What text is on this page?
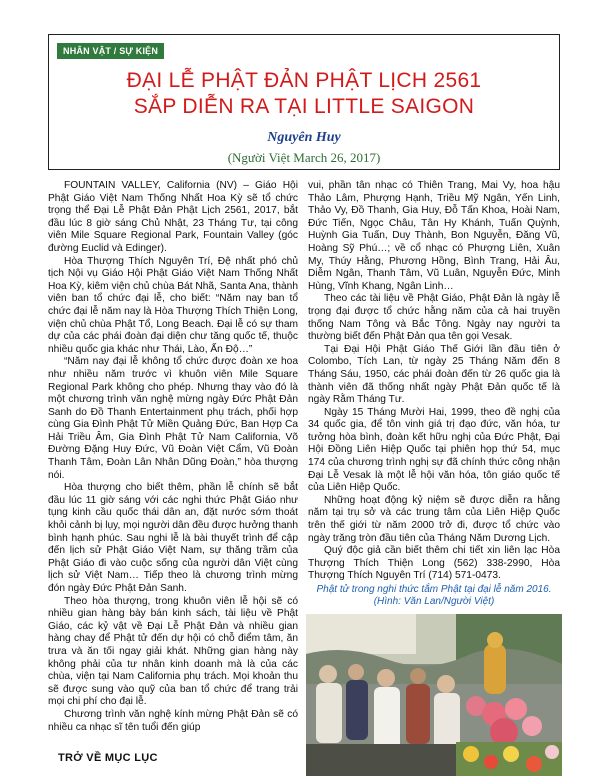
NHÂN VẬT / SỰ KIỆN
ĐẠI LỄ PHẬT ĐẢN PHẬT LỊCH 2561
SẮP DIỄN RA TẠI LITTLE SAIGON
Nguyên Huy
(Người Việt March 26, 2017)

FOUNTAIN VALLEY, California (NV) – Giáo Hội Phật Giáo Việt Nam Thống Nhất Hoa Kỳ sẽ tổ chức trọng thể Đại Lễ Phật Đản Phật Lịch 2561, 2017, bắt đầu lúc 8 giờ sáng Chủ Nhật, 23 Tháng Tư, tại công viên Mile Square Regional Park, Fountain Valley (góc đường Euclid và Edinger).

Hòa Thượng Thích Nguyên Trí, Đệ nhất phó chủ tịch Nội vụ Giáo Hội Phật Giáo Việt Nam Thống Nhất Hoa Kỳ, kiêm viện chủ chùa Bát Nhã, Santa Ana, thành viên ban tổ chức đại lễ, cho biết: “Năm nay ban tổ chức đại lễ năm nay là Hòa Thượng Thích Thiện Long, viện chủ chùa Phật Tổ, Long Beach. Đại lễ có sự tham dự của các phái đoàn đại diện chư tăng quốc tế, thuộc nhiều quốc gia khác như Thái, Lào, Ấn Độ…”

“Năm nay đại lễ không tổ chức được đoàn xe hoa như nhiều năm trước vì khuôn viên Mile Square Regional Park không cho phép. Nhưng thay vào đó là một chương trình văn nghệ mừng ngày Đức Phật Đản Sanh do Đồ Thanh Entertainment phụ trách, phối hợp cùng Gia Đình Phật Tử Miền Quảng Đức, Ban Hợp Ca Hải Triều Âm, Gia Đình Phật Tử Nam California, Võ Đường Đặng Huy Đức, Vũ Đoàn Việt Cẩm, Vũ Đoàn Thanh Tâm, Đoàn Lân Nhân Dũng Đoàn,” hòa thượng nói.

Hòa thượng cho biết thêm, phần lễ chính sẽ bắt đầu lúc 11 giờ sáng với các nghi thức Phật Giáo như tụng kinh cầu quốc thái dân an, đặt nước sớm thoát khỏi cảnh bị lụy, mọi người dân đều được hưởng thanh bình hạnh phúc. Sau nghi lễ là bài thuyết trình để cập đến lịch sử Phật Giáo Việt Nam, sự thăng trầm của Phật Giáo đi vào cuộc sống của người dân Việt cùng lịch sử Việt Nam… Tiếp theo là chương trình mừng đón ngày Đức Phật Đản Sanh.

Theo hòa thượng, trong khuôn viên lễ hội sẽ có nhiều gian hàng bày bán kinh sách, tài liệu về Phật Giáo, các kỷ vật về Đại Lễ Phật Đản và nhiều gian hàng chay để Phật tử đến dự hội có chỗ điểm tâm, ăn trưa và ăn tối ngay giải khát. Những gian hàng này không phải của tư nhân kinh doanh mà là của các chùa, viện tại Nam California phụ trách. Mọi khoản thu sẽ được sung vào quỹ của ban tổ chức để trang trải mọi chi phí cho đại lễ.

Chương trình văn nghệ kính mừng Phật Đản sẽ có nhiều ca nhạc sĩ tên tuổi đến giúp

vui, phần tân nhạc có Thiên Trang, Mai Vy, hoa hậu Thảo Lâm, Phượng Hạnh, Triều Mỹ Ngân, Yến Linh, Thảo Vy, Đồ Thanh, Gia Huy, Đỗ Tấn Khoa, Hoài Nam, Đức Tiến, Ngọc Châu, Tân Hy Khánh, Tuấn Quỳnh, Huỳnh Gia Tuấn, Duy Thành, Bon Nguyễn, Đăng Vũ, Hoàng Sỹ Phú…; về cổ nhạc có Phượng Liên, Xuân My, Thúy Hằng, Phương Hồng, Bình Trang, Hải Âu, Diễm Ngân, Thanh Tâm, Vũ Luân, Nguyễn Đức, Minh Hùng, Vĩnh Khang, Ngân Linh…

Theo các tài liệu về Phật Giáo, Phật Đản là ngày lễ trọng đại được tổ chức hằng năm của cả hai truyền thống Nam Tông và Bắc Tông. Ngày nay người ta thường biết đến Phật Đản qua tên gọi Vesak.

Tại Đại Hội Phật Giáo Thế Giới lần đầu tiên ở Colombo, Tích Lan, từ ngày 25 Tháng Năm đến 8 Tháng Sáu, 1950, các phái đoàn đến từ 26 quốc gia là thành viên đã thống nhất ngày Phật Đản quốc tế là ngày Rằm Tháng Tư.

Ngày 15 Tháng Mười Hai, 1999, theo đề nghị của 34 quốc gia, để tôn vinh giá trị đạo đức, văn hóa, tư tưởng hòa bình, đoàn kết hữu nghị của Đức Phật, Đại Hội Đồng Liên Hiệp Quốc tại phiên họp thứ 54, mục 174 của chương trình nghị sự đã chính thức công nhận Đại Lễ Vesak là một lễ hội văn hóa, tôn giáo quốc tế của Liên Hiệp Quốc.

Những hoạt động kỷ niệm sẽ được diễn ra hằng năm tại trụ sở và các trung tâm của Liên Hiệp Quốc trên thế giới từ năm 2000 trở đi, được tổ chức vào ngày trăng tròn đầu tiên của Tháng Năm Dương Lịch.

Quý độc giả cần biết thêm chi tiết xin liên lạc Hòa Thượng Thích Thiện Long (562) 338-2990, Hòa Thượng Thích Nguyên Trí (714) 571-0473.

Phật tử trong nghi thức tắm Phật tại đại lễ năm 2016. (Hình: Văn Lan/Người Việt)
TRỞ VỀ MỤC LỤC
